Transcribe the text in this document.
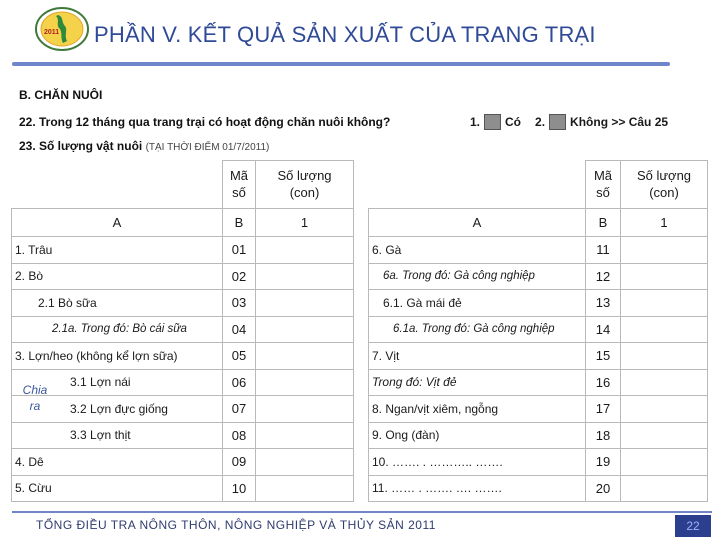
2011 PHẦN V. KẾT QUẢ SẢN XUẤT CỦA TRANG TRẠI
B. CHĂN NUÔI
22. Trong 12 tháng qua trang trại có hoạt động chăn nuôi không?	1. Có 2. Không >> Câu 25
23. Số lượng vật nuôi (TẠI THỜI ĐIỂM 01/7/2011)
	Mã
số	Số lượng
(con)
A	B	1
1. Trâu	01	
2. Bò	02	
2.1 Bò sữa	03	
2.1a. Trong đó: Bò cái sữa	04	
3. Lợn/heo (không kể lợn sữa)	05	
3.1 Lợn nái	06	
3.2 Lợn đực giống	07	
3.3 Lợn thịt	08	
4. Dê	09	
5. Cừu	10	
Chia
ra
	Mã
số	Số lượng
(con)
A	B	1
6. Gà	11	
6a. Trong đó: Gà công nghiệp	12	
6.1. Gà mái đẻ	13	
6.1a. Trong đó: Gà công nghiệp	14	
7. Vịt	15	
Trong đó: Vịt đẻ	16	
8. Ngan/vịt xiêm, ngỗng	17	
9. Ong (đàn)	18	
10. ……. . ……….. …….	19	
11. …… . ……. …. …….	20	
TỔNG ĐIỀU TRA NÔNG THÔN, NÔNG NGHIỆP VÀ THỦY SẢN 2011	22
